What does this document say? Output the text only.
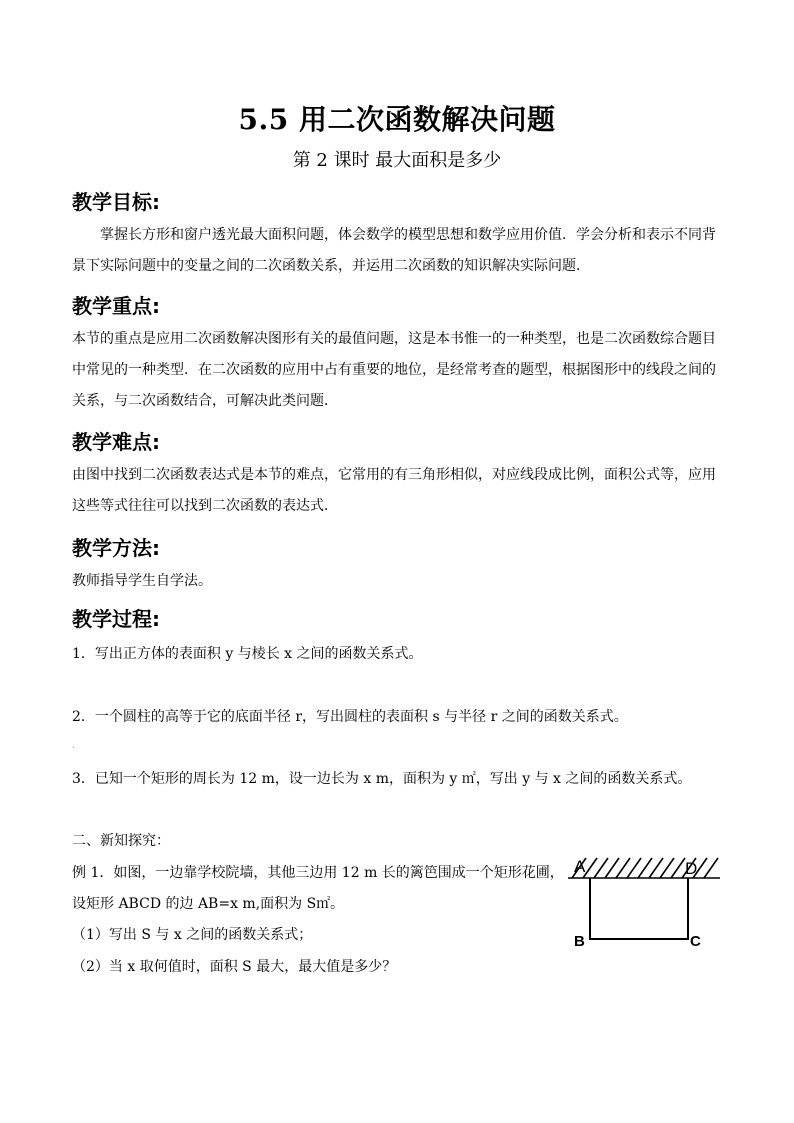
5.5 用二次函数解决问题
第 2 课时 最大面积是多少
教学目标:
掌握长方形和窗户透光最大面积问题，体会数学的模型思想和数学应用价值．学会分析和表示不同背景下实际问题中的变量之间的二次函数关系，并运用二次函数的知识解决实际问题．
教学重点:
本节的重点是应用二次函数解决图形有关的最值问题，这是本书惟一的一种类型，也是二次函数综合题目中常见的一种类型．在二次函数的应用中占有重要的地位，是经常考查的题型，根据图形中的线段之间的关系，与二次函数结合，可解决此类问题．
教学难点:
由图中找到二次函数表达式是本节的难点，它常用的有三角形相似，对应线段成比例，面积公式等，应用这些等式往往可以找到二次函数的表达式．
教学方法:
教师指导学生自学法。
教学过程:
1．写出正方体的表面积 y 与棱长 x 之间的函数关系式。
2．一个圆柱的高等于它的底面半径 r，写出圆柱的表面积 s 与半径 r 之间的函数关系式。
.
3．已知一个矩形的周长为 12 m，设一边长为 x m，面积为 y ㎡，写出 y 与 x 之间的函数关系式。
二、新知探究：
例 1．如图，一边靠学校院墙，其他三边用 12 m 长的篱笆围成一个矩形花圃，
设矩形 ABCD 的边 AB=x m,面积为 S㎡。
（1）写出 S 与 x 之间的函数关系式；
（2）当 x 取何值时，面积 S 最大，最大值是多少？
A	D
B	C
